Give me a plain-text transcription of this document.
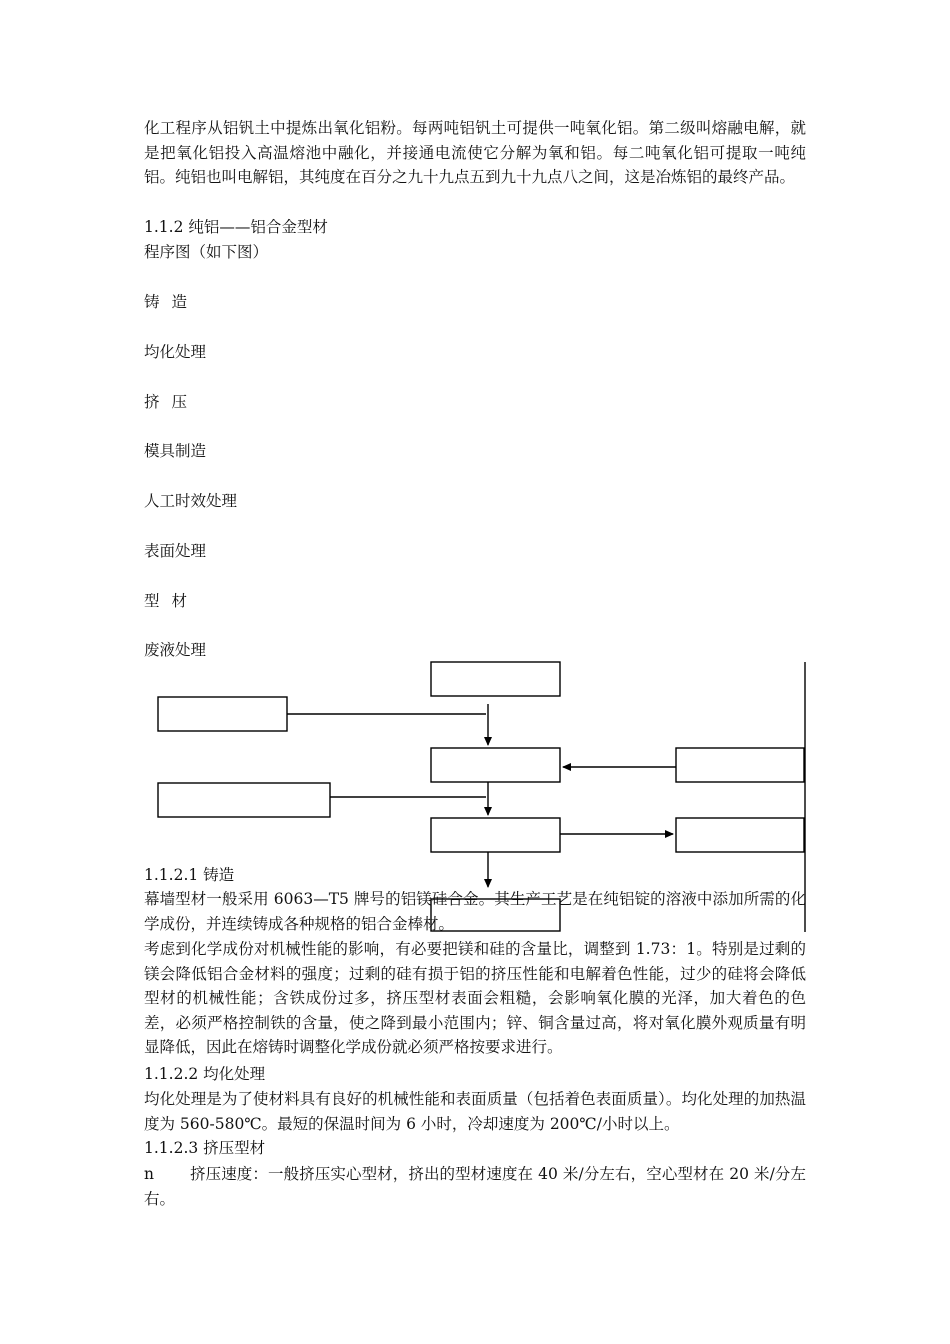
化工程序从铝钒土中提炼出氧化铝粉。每两吨铝钒土可提供一吨氧化铝。第二级叫熔融电解，就是把氧化铝投入高温熔池中融化，并接通电流使它分解为氧和铝。每二吨氧化铝可提取一吨纯铝。纯铝也叫电解铝，其纯度在百分之九十九点五到九十九点八之间，这是冶炼铝的最终产品。

1.1.2 纯铝——铝合金型材
程序图（如下图）
铸造
均化处理
挤压
模具制造
人工时效处理
表面处理
型材
废液处理
1.1.2.1 铸造

幕墙型材一般采用 6063—T5 牌号的铝镁硅合金。其生产工艺是在纯铝锭的溶液中添加所需的化学成份，并连续铸成各种规格的铝合金棒材。

考虑到化学成份对机械性能的影响，有必要把镁和硅的含量比，调整到 1.73：1。特别是过剩的镁会降低铝合金材料的强度；过剩的硅有损于铝的挤压性能和电解着色性能，过少的硅将会降低型材的机械性能；含铁成份过多，挤压型材表面会粗糙，会影响氧化膜的光泽，加大着色的色差，必须严格控制铁的含量，使之降到最小范围内；锌、铜含量过高，将对氧化膜外观质量有明显降低，因此在熔铸时调整化学成份就必须严格按要求进行。

1.1.2.2 均化处理

均化处理是为了使材料具有良好的机械性能和表面质量（包括着色表面质量）。均化处理的加热温度为 560-580℃。最短的保温时间为 6 小时，冷却速度为 200℃/小时以上。

1.1.2.3 挤压型材
n	挤压速度：一般挤压实心型材，挤出的型材速度在 40 米/分左右，空心型材在 20 米/分左右。
